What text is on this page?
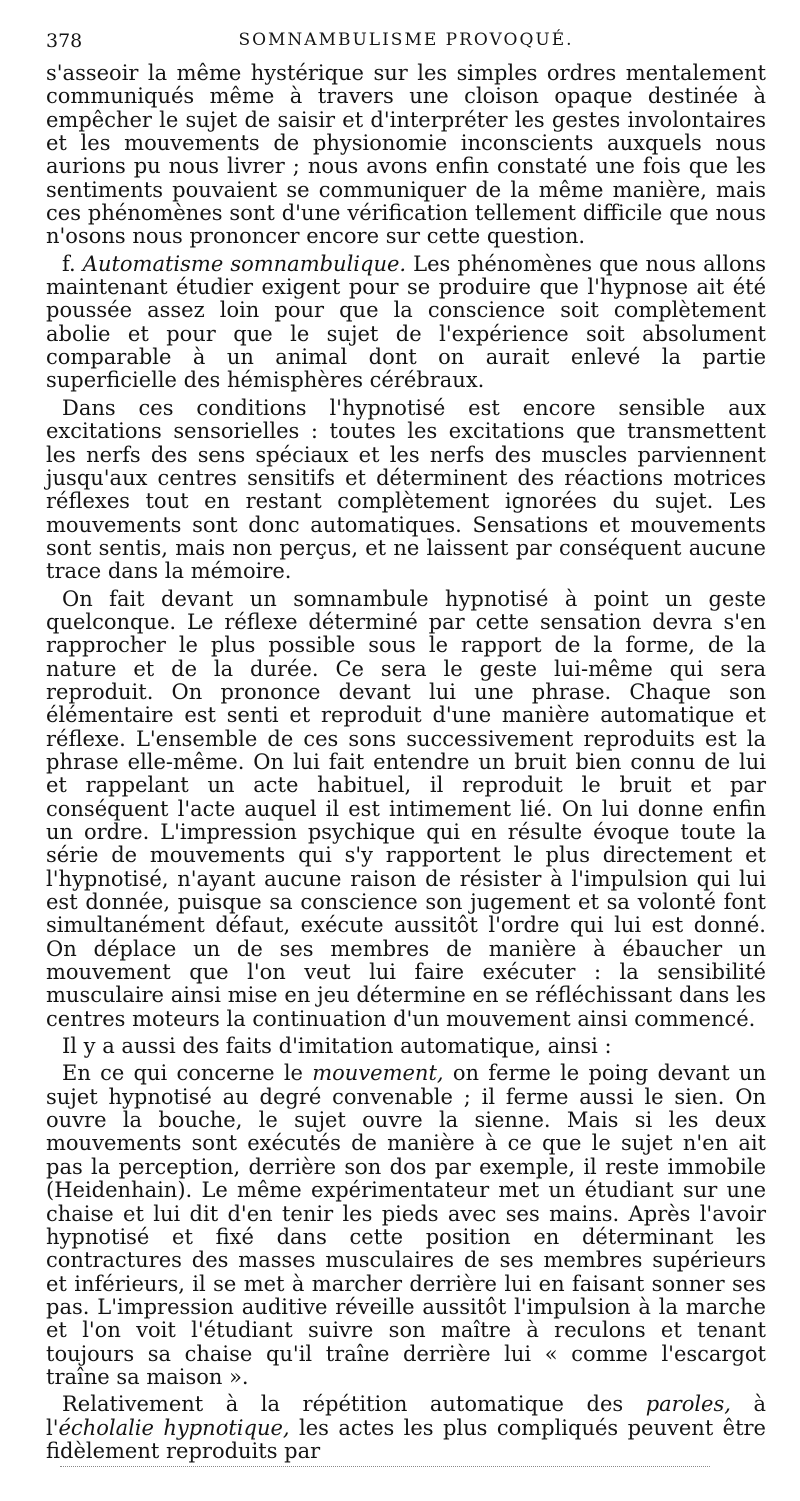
378	SOMNAMBULISME PROVOQUÉ.

s'asseoir la même hystérique sur les simples ordres mentalement communiqués même à travers une cloison opaque destinée à empêcher le sujet de saisir et d'interpréter les gestes involontaires et les mouvements de physionomie inconscients auxquels nous aurions pu nous livrer ; nous avons enfin constaté une fois que les sentiments pouvaient se communiquer de la même manière, mais ces phénomènes sont d'une vérification tellement difficile que nous n'osons nous prononcer encore sur cette question.

f. Automatisme somnambulique. Les phénomènes que nous allons maintenant étudier exigent pour se produire que l'hypnose ait été poussée assez loin pour que la conscience soit complètement abolie et pour que le sujet de l'expérience soit absolument comparable à un animal dont on aurait enlevé la partie superficielle des hémisphères cérébraux.

Dans ces conditions l'hypnotisé est encore sensible aux excitations sensorielles : toutes les excitations que transmettent les nerfs des sens spéciaux et les nerfs des muscles parviennent jusqu'aux centres sensitifs et déterminent des réactions motrices réflexes tout en restant complètement ignorées du sujet. Les mouvements sont donc automatiques. Sensations et mouvements sont sentis, mais non perçus, et ne laissent par conséquent aucune trace dans la mémoire.

On fait devant un somnambule hypnotisé à point un geste quelconque. Le réflexe déterminé par cette sensation devra s'en rapprocher le plus possible sous le rapport de la forme, de la nature et de la durée. Ce sera le geste lui-même qui sera reproduit. On prononce devant lui une phrase. Chaque son élémentaire est senti et reproduit d'une manière automatique et réflexe. L'ensemble de ces sons successivement reproduits est la phrase elle-même. On lui fait entendre un bruit bien connu de lui et rappelant un acte habituel, il reproduit le bruit et par conséquent l'acte auquel il est intimement lié. On lui donne enfin un ordre. L'impression psychique qui en résulte évoque toute la série de mouvements qui s'y rapportent le plus directement et l'hypnotisé, n'ayant aucune raison de résister à l'impulsion qui lui est donnée, puisque sa conscience son jugement et sa volonté font simultanément défaut, exécute aussitôt l'ordre qui lui est donné. On déplace un de ses membres de manière à ébaucher un mouvement que l'on veut lui faire exécuter : la sensibilité musculaire ainsi mise en jeu détermine en se réfléchissant dans les centres moteurs la continuation d'un mouvement ainsi commencé.

Il y a aussi des faits d'imitation automatique, ainsi :

En ce qui concerne le mouvement, on ferme le poing devant un sujet hypnotisé au degré convenable ; il ferme aussi le sien. On ouvre la bouche, le sujet ouvre la sienne. Mais si les deux mouvements sont exécutés de manière à ce que le sujet n'en ait pas la perception, derrière son dos par exemple, il reste immobile (Heidenhain). Le même expérimentateur met un étudiant sur une chaise et lui dit d'en tenir les pieds avec ses mains. Après l'avoir hypnotisé et fixé dans cette position en déterminant les contractures des masses musculaires de ses membres supérieurs et inférieurs, il se met à marcher derrière lui en faisant sonner ses pas. L'impression auditive réveille aussitôt l'impulsion à la marche et l'on voit l'étudiant suivre son maître à reculons et tenant toujours sa chaise qu'il traîne derrière lui « comme l'escargot traîne sa maison ».

Relativement à la répétition automatique des paroles, à l'écholalie hypnotique, les actes les plus compliqués peuvent être fidèlement reproduits par
